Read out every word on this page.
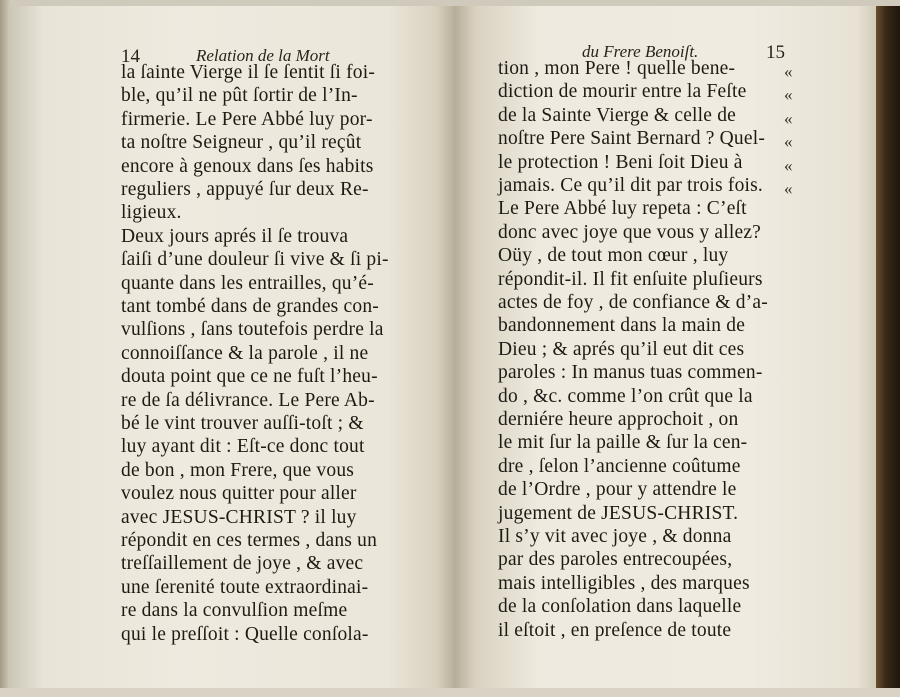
14	Relation de la Mort
la ſainte Vierge il ſe ſentit ſi foi-
ble, qu’il ne pût ſortir de l’In-
firmerie. Le Pere Abbé luy por-
ta noſtre Seigneur , qu’il reçût
encore à genoux dans ſes habits
reguliers , appuyé ſur deux Re-
ligieux.
Deux jours aprés il ſe trouva
ſaiſi d’une douleur ſi vive & ſi pi-
quante dans les entrailles, qu’é-
tant tombé dans de grandes con-
vulſions , ſans toutefois perdre la
connoiſſance & la parole , il ne
douta point que ce ne fuſt l’heu-
re de ſa délivrance. Le Pere Ab-
bé le vint trouver auſſi-toſt ; &
luy ayant dit : Eſt-ce donc tout
de bon , mon Frere, que vous
voulez nous quitter pour aller
avec JESUS-CHRIST ? il luy
répondit en ces termes , dans un
treſſaillement de joye , & avec
une ſerenité toute extraordinai-
re dans la convulſion meſme
qui le preſſoit : Quelle conſola-
du Frere Benoiſt.	15
tion , mon Pere ! quelle bene-
diction de mourir entre la Feſte
de la Sainte Vierge & celle de
noſtre Pere Saint Bernard ? Quel-
le protection ! Beni ſoit Dieu à
jamais. Ce qu’il dit par trois fois.
Le Pere Abbé luy repeta : C’eſt
donc avec joye que vous y allez?
Oüy , de tout mon cœur , luy
répondit-il. Il fit enſuite pluſieurs
actes de foy , de confiance & d’a-
bandonnement dans la main de
Dieu ; & aprés qu’il eut dit ces
paroles : In manus tuas commen-
do , &c. comme l’on crût que la
derniére heure approchoit , on
le mit ſur la paille & ſur la cen-
dre , ſelon l’ancienne coûtume
de l’Ordre , pour y attendre le
jugement de JESUS-CHRIST.
Il s’y vit avec joye , & donna
par des paroles entrecoupées,
mais intelligibles , des marques
de la conſolation dans laquelle
il eſtoit , en preſence de toute
«
«
«
«
«
«
